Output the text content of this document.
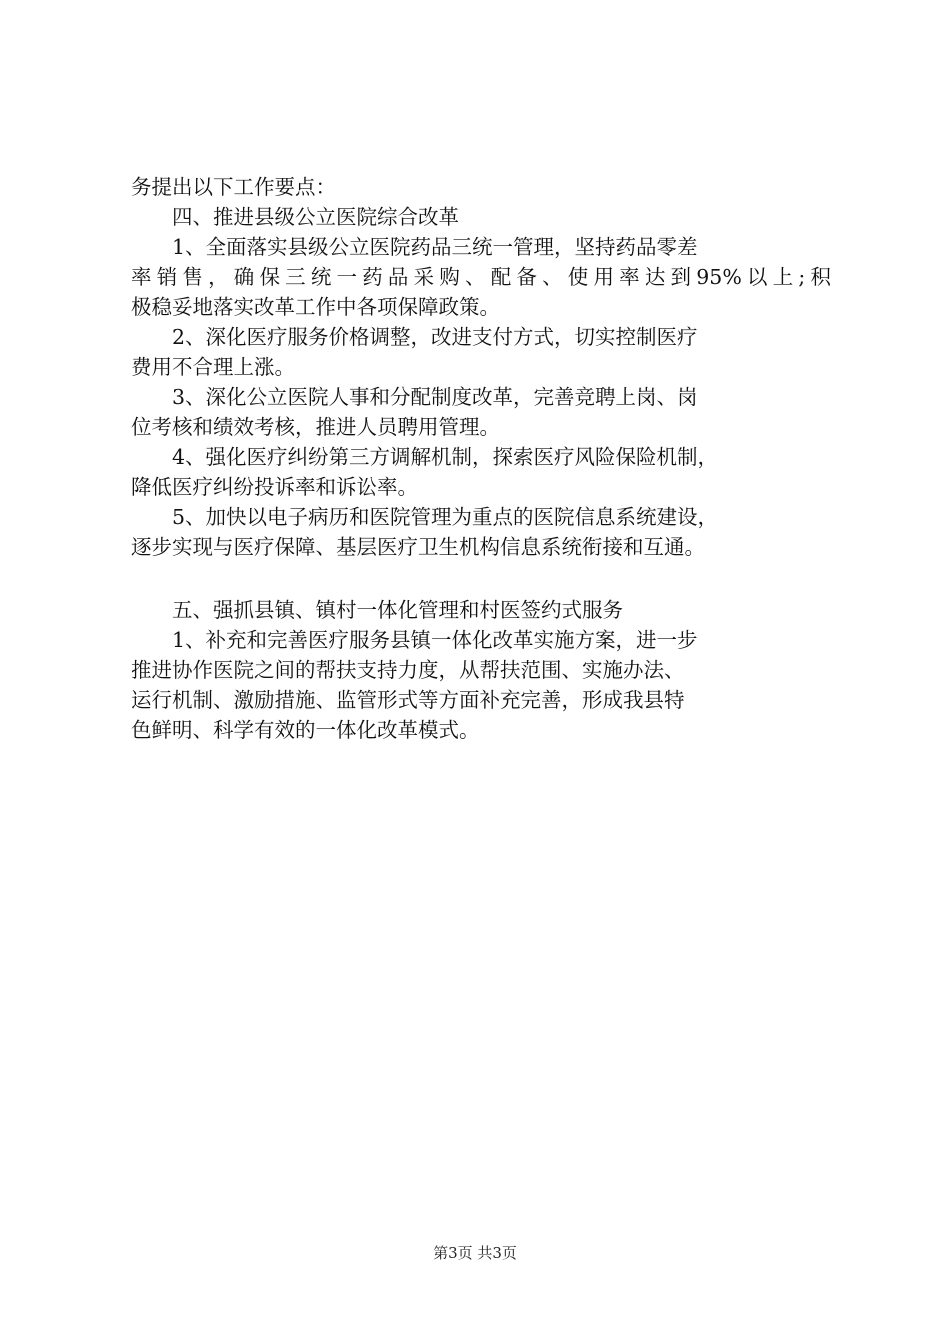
务提出以下工作要点：
四、推进县级公立医院综合改革
1、全面落实县级公立医院药品三统一管理，坚持药品零差
率销售，确保三统一药品采购、配备、使用率达到95%以上;积
极稳妥地落实改革工作中各项保障政策。
2、深化医疗服务价格调整，改进支付方式，切实控制医疗
费用不合理上涨。
3、深化公立医院人事和分配制度改革，完善竞聘上岗、岗
位考核和绩效考核，推进人员聘用管理。
4、强化医疗纠纷第三方调解机制，探索医疗风险保险机制，
降低医疗纠纷投诉率和诉讼率。
5、加快以电子病历和医院管理为重点的医院信息系统建设，
逐步实现与医疗保障、基层医疗卫生机构信息系统衔接和互通。
五、强抓县镇、镇村一体化管理和村医签约式服务
1、补充和完善医疗服务县镇一体化改革实施方案，进一步
推进协作医院之间的帮扶支持力度，从帮扶范围、实施办法、
运行机制、激励措施、监管形式等方面补充完善，形成我县特
色鲜明、科学有效的一体化改革模式。
第3页 共3页
